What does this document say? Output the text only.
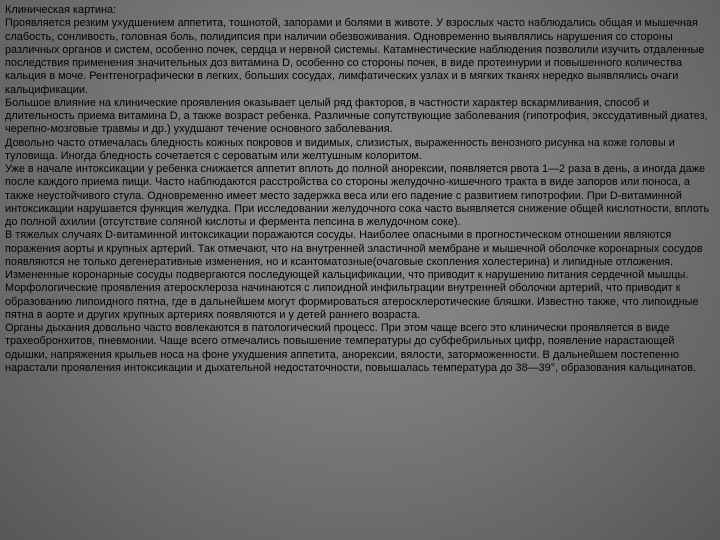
Клиническая картина:

Проявляется резким ухудшением аппетита, тошнотой, запорами и болями в животе. У взрослых часто наблюдались общая и мышечная слабость, сонливость, головная боль, полидипсия при наличии обезвоживания. Одновременно выявлялись нарушения со стороны различных органов и систем, особенно почек, сердца и нервной системы. Катамнестические наблюдения позволили изучить отдаленные последствия применения значительных доз витамина D, особенно со стороны почек, в виде протеинурии и повышенного количества кальция в моче. Рентгенографически в легких, больших сосудах, лимфатических узлах и в мягких тканях нередко выявлялись очаги кальцификации.

Большое влияние на клинические проявления оказывает целый ряд факторов, в частности характер вскармливания, способ и длительность приема витамина D, а также возраст ребенка. Различные сопутствующие заболевания (гипотрофия, экссудативный диатез, черепно-мозговые травмы и др.) ухудшают течение основного заболевания.

Довольно часто отмечалась бледность кожных покровов и видимых, слизистых, выраженность венозного рисунка на коже головы и туловища. Иногда бледность сочетается с сероватым или желтушным колоритом.

Уже в начале интоксикации у ребенка снижается аппетит вплоть до полной анорексии, появляется рвота 1—2 раза в день, а иногда даже после каждого приема пищи. Часто наблюдаются расстройства со стороны желудочно-кишечного тракта в виде запоров или поноса, а также неустойчивого стула. Одновременно имеет место задержка веса или его падение с развитием гипотрофии. При D-витаминной интоксикации нарушается функция желудка. При исследовании желудочного сока часто выявляется снижение общей кислотности, вплоть до полной ахилии (отсутствие соляной кислоты и фермента пепсина в желудочном соке).

В тяжелых случаях D-витаминной интоксикации поражаются сосуды. Наиболее опасными в прогностическом отношении являются поражения аорты и крупных артерий. Так отмечают, что на внутренней эластичной мембране и мышечной оболочке коронарных сосудов появляются не только дегенеративные изменения, но и ксантоматозные(очаговые скопления холестерина) и липидные отложения. Измененные коронарные сосуды подвергаются последующей кальцификации, что приводит к нарушению питания сердечной мышцы. Морфологические проявления атеросклероза начинаются с липоидной инфильтрации внутренней оболочки артерий, что приводит к образованию липоидного пятна, где в дальнейшем могут формироваться атеросклеротические бляшки. Известно также, что липоидные пятна в аорте и других крупных артериях появляются и у детей раннего возраста.

Органы дыхания довольно часто вовлекаются в патологический процесс. При этом чаще всего это клинически проявляется в виде трахеобронхитов, пневмонии. Чаще всего отмечались повышение температуры до субфебрильных цифр, появление нарастающей одышки, напряжения крыльев носа на фоне ухудшения аппетита, анорексии, вялости, заторможенности. В дальнейшем постепенно нарастали проявления интоксикации и дыхательной недостаточности, повышалась температура до 38—39°, образования кальцинатов.
